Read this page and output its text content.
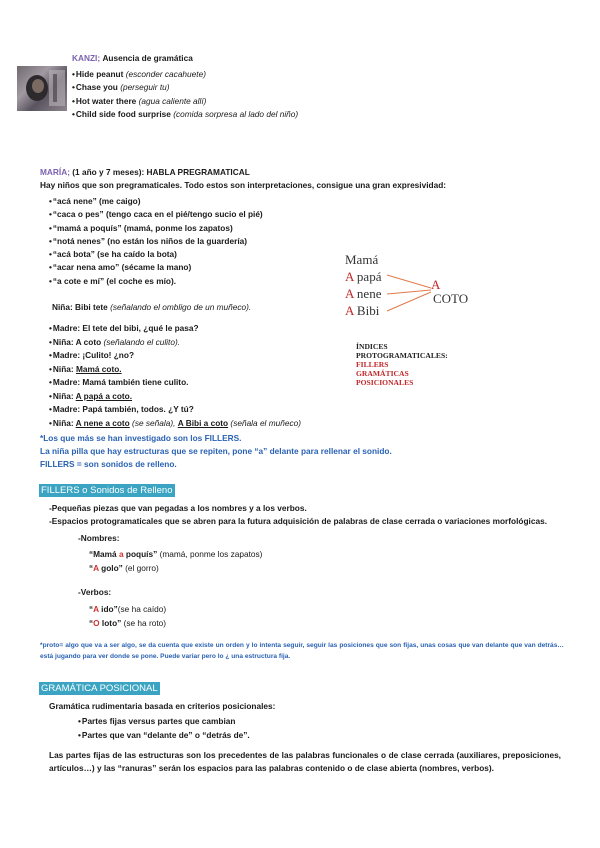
KANZI; Ausencia de gramática
• Hide peanut (esconder cacahuete)
• Chase you (perseguir tu)
• Hot water there (agua caliente allí)
• Child side food surprise (comida sorpresa al lado del niño)
MARÍA; (1 año y 7 meses): HABLA PREGRAMATICAL
Hay niños que son pregramaticales. Todo estos son interpretaciones, consigue una gran expresividad:
• “acá nene” (me caigo)
• “caca o pes” (tengo caca en el pié/tengo sucio el pié)
• “mamá a poquís” (mamá, ponme los zapatos)
• “notá nenes” (no están los niños de la guardería)
• “acá bota” (se ha caído la bota)
• “acar nena amo” (sécame la mano)
• “a cote e mí” (el coche es mío).
Niña: Bibi tete (señalando el ombligo de un muñeco).
• Madre: El tete del bibi, ¿qué le pasa?
• Niña: A coto (señalando el culito).
• Madre: ¡Culito! ¿no?
• Niña: Mamá coto.
• Madre: Mamá también tiene culito.
• Niña: A papá a coto.
• Madre: Papá también, todos. ¿Y tú?
• Niña: A nene a coto (se señala), A Bibi a coto (señala el muñeco)
*Los que más se han investigado son los FILLERS.
La niña pilla que hay estructuras que se repiten, pone “a” delante para rellenar el sonido.
FILLERS = son sonidos de relleno.
Mamá
A papá
A nene
A Bibi
A
COTO
ÍNDICES
PROTOGRAMATICALES:
FILLERS
GRAMÁTICAS
POSICIONALES
FILLERS o Sonidos de Relleno
-Pequeñas piezas que van pegadas a los nombres y a los verbos.
-Espacios protogramaticales que se abren para la futura adquisición de palabras de clase cerrada o variaciones morfológicas.
-Nombres:
“Mamá a poquís” (mamá, ponme los zapatos)
“A golo” (el gorro)
-Verbos:
“A ido”(se ha caído)
“O loto” (se ha roto)
*proto= algo que va a ser algo, se da cuenta que existe un orden y lo intenta seguir, seguir las posiciones que son fijas, unas cosas que van delante que van detrás… está jugando para ver donde se pone. Puede variar pero lo ¿ una estructura fija.
GRAMÁTICA POSICIONAL
Gramática rudimentaria basada en criterios posicionales:
• Partes fijas versus partes que cambian
• Partes que van “delante de” o “detrás de”.
Las partes fijas de las estructuras son los precedentes de las palabras funcionales o de clase cerrada (auxiliares, preposiciones, artículos…) y las “ranuras” serán los espacios para las palabras contenido o de clase abierta (nombres, verbos).
